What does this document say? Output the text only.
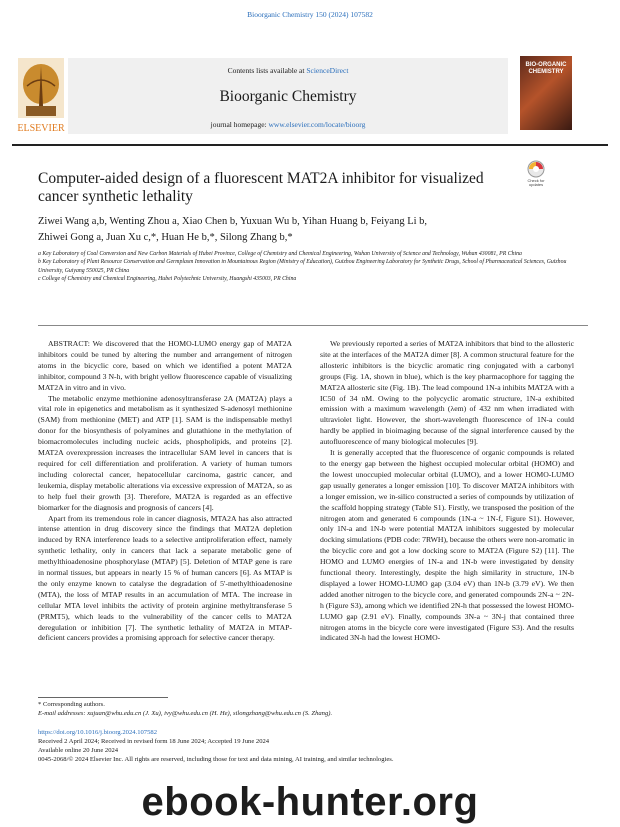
Bioorganic Chemistry 150 (2024) 107582
ELSEVIER
Contents lists available at ScienceDirect
Bioorganic Chemistry
journal homepage: www.elsevier.com/locate/bioorg
BIO-ORGANIC CHEMISTRY
Computer-aided design of a fluorescent MAT2A inhibitor for visualized cancer synthetic lethality
Check for updates
Ziwei Wang a,b, Wenting Zhou a, Xiao Chen b, Yuxuan Wu b, Yihan Huang b, Feiyang Li b,
Zhiwei Gong a, Juan Xu c,*, Huan He b,*, Silong Zhang b,*
a Key Laboratory of Coal Conversion and New Carbon Materials of Hubei Province, College of Chemistry and Chemical Engineering, Wuhan University of Science and Technology, Wuhan 430081, PR China
b Key Laboratory of Plant Resource Conservation and Germplasm Innovation in Mountainous Region (Ministry of Education), Guizhou Engineering Laboratory for Synthetic Drugs, School of Pharmaceutical Sciences, Guizhou University, Guiyang 550025, PR China
c College of Chemistry and Chemical Engineering, Hubei Polytechnic University, Huangshi 435003, PR China

ABSTRACT: We discovered that the HOMO-LUMO energy gap of MAT2A inhibitors could be tuned by altering the number and arrangement of nitrogen atoms in the bicyclic core, based on which we identified a potent MAT2A inhibitor, compound 3 N-h, with bright yellow fluorescence capable of visualizing MAT2A in vitro and in vivo.

The metabolic enzyme methionine adenosyltransferase 2A (MAT2A) plays a vital role in epigenetics and metabolism as it synthesized S-adenosyl methionine (SAM) from methionine (MET) and ATP [1]. SAM is the indispensable methyl donor for the biosynthesis of polyamines and glutathione in the methylation of biomacromolecules including nucleic acids, phospholipids, and proteins [2]. MAT2A overexpression increases the intracellular SAM level in cancers that is required for cell differentiation and proliferation. A variety of human tumors including colorectal cancer, hepatocellular carcinoma, gastric cancer, and leukemia, display metabolic alterations via excessive expression of MAT2A, so as to help fuel their growth [3]. Therefore, MAT2A is regarded as an effective biomarker for the diagnosis and prognosis of cancers [4].

Apart from its tremendous role in cancer diagnosis, MTA2A has also attracted intense attention in drug discovery since the findings that MAT2A depletion induced by RNA interference leads to a selective antiproliferation effect, namely synthetic lethality, only in cancers that lack a separate metabolic gene of methylthioadenosine phosphorylase (MTAP) [5]. Deletion of MTAP gene is rare in normal tissues, but appears in nearly 15 % of human cancers [6]. As MTAP is the only enzyme known to catalyse the degradation of 5'-methylthioadenosine (MTA), the loss of MTAP results in an accumulation of MTA. The increase in cellular MTA level inhibits the activity of protein arginine methyltransferase 5 (PRMT5), which leads to the vulnerability of the cancer cells to MAT2A deregulation or inhibition [7]. The synthetic lethality of MAT2A in MTAP-deficient cancers provides a promising approach for selective cancer therapy.

We previously reported a series of MAT2A inhibitors that bind to the allosteric site at the interfaces of the MAT2A dimer [8]. A common structural feature for the allosteric inhibitors is the bicyclic aromatic ring conjugated with a carbonyl groups (Fig. 1A, shown in blue), which is the key pharmacophore for tagging the MAT2A allosteric site (Fig. 1B). The lead compound 1N-a inhibits MAT2A with a IC50 of 34 nM. Owing to the polycyclic aromatic structure, 1N-a exhibited emission with a maximum wavelength (λem) of 432 nm when irradiated with ultraviolet light. However, the short-wavelength fluorescence of 1N-a could hardly be applied in bioimaging because of the signal interference caused by the autofluorescence of many biological molecules [9].

It is generally accepted that the fluorescence of organic compounds is related to the energy gap between the highest occupied molecular orbital (HOMO) and the lowest unoccupied molecular orbital (LUMO), and a lower HOMO-LUMO gap usually generates a longer emission [10]. To discover MAT2A inhibitors with a longer emission, we in-silico constructed a series of compounds by utilization of the scaffold hopping strategy (Table S1). Firstly, we transposed the position of the nitrogen atom and generated 6 compounds (1N-a ~ 1N-f, Figure S1). However, only 1N-a and 1N-b were potential MAT2A inhibitors suggested by molecular docking simulations (PDB code: 7RWH), because the others were non-aromatic in the bicyclic core and got a low docking score to MAT2A (Figure S2) [11]. The HOMO and LUMO energies of 1N-a and 1N-b were investigated by density functional theory. Interestingly, despite the high similarity in structure, 1N-b displayed a lower HOMO-LUMO gap (3.04 eV) than 1N-b (3.79 eV). We then added another nitrogen to the bicycle core, and generated compounds 2N-a ~ 2N-h (Figure S3), among which we identified 2N-h that possessed the lowest HOMO-LUMO gap (2.91 eV). Finally, compounds 3N-a ~ 3N-j that contained three nitrogen atoms in the bicycle core were investigated (Figure S3). And the results indicated 3N-h had the lowest HOMO-

* Corresponding authors.
E-mail addresses: xujuan@whu.edu.cn (J. Xu), ivy@whu.edu.cn (H. He), silongzhang@whu.edu.cn (S. Zhang).
https://doi.org/10.1016/j.bioorg.2024.107582
Received 2 April 2024; Received in revised form 18 June 2024; Accepted 19 June 2024
Available online 20 June 2024
0045-2068/© 2024 Elsevier Inc. All rights are reserved, including those for text and data mining, AI training, and similar technologies.
ebook-hunter.org
